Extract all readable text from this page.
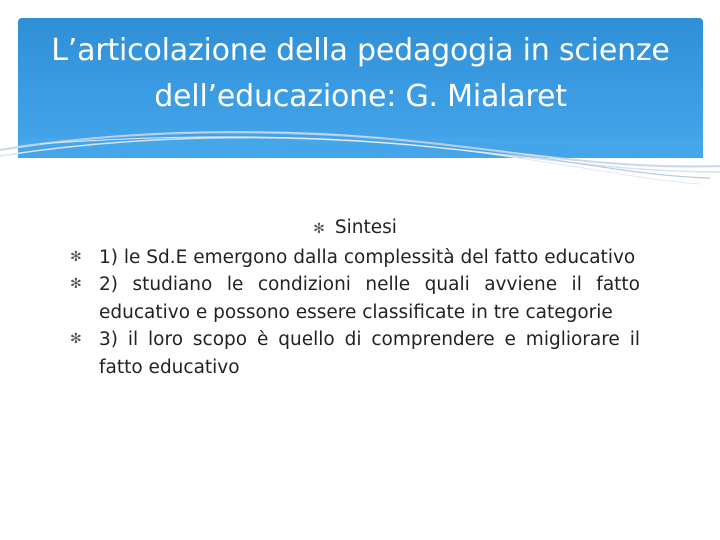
L’articolazione della pedagogia in scienze dell’educazione: G. Mialaret
✻ Sintesi
✻ 1) le Sd.E emergono dalla complessità del fatto educativo
✻ 2) studiano le condizioni nelle quali avviene il fatto educativo e possono essere classificate in tre categorie
✻ 3) il loro scopo è quello di comprendere e migliorare il fatto educativo
